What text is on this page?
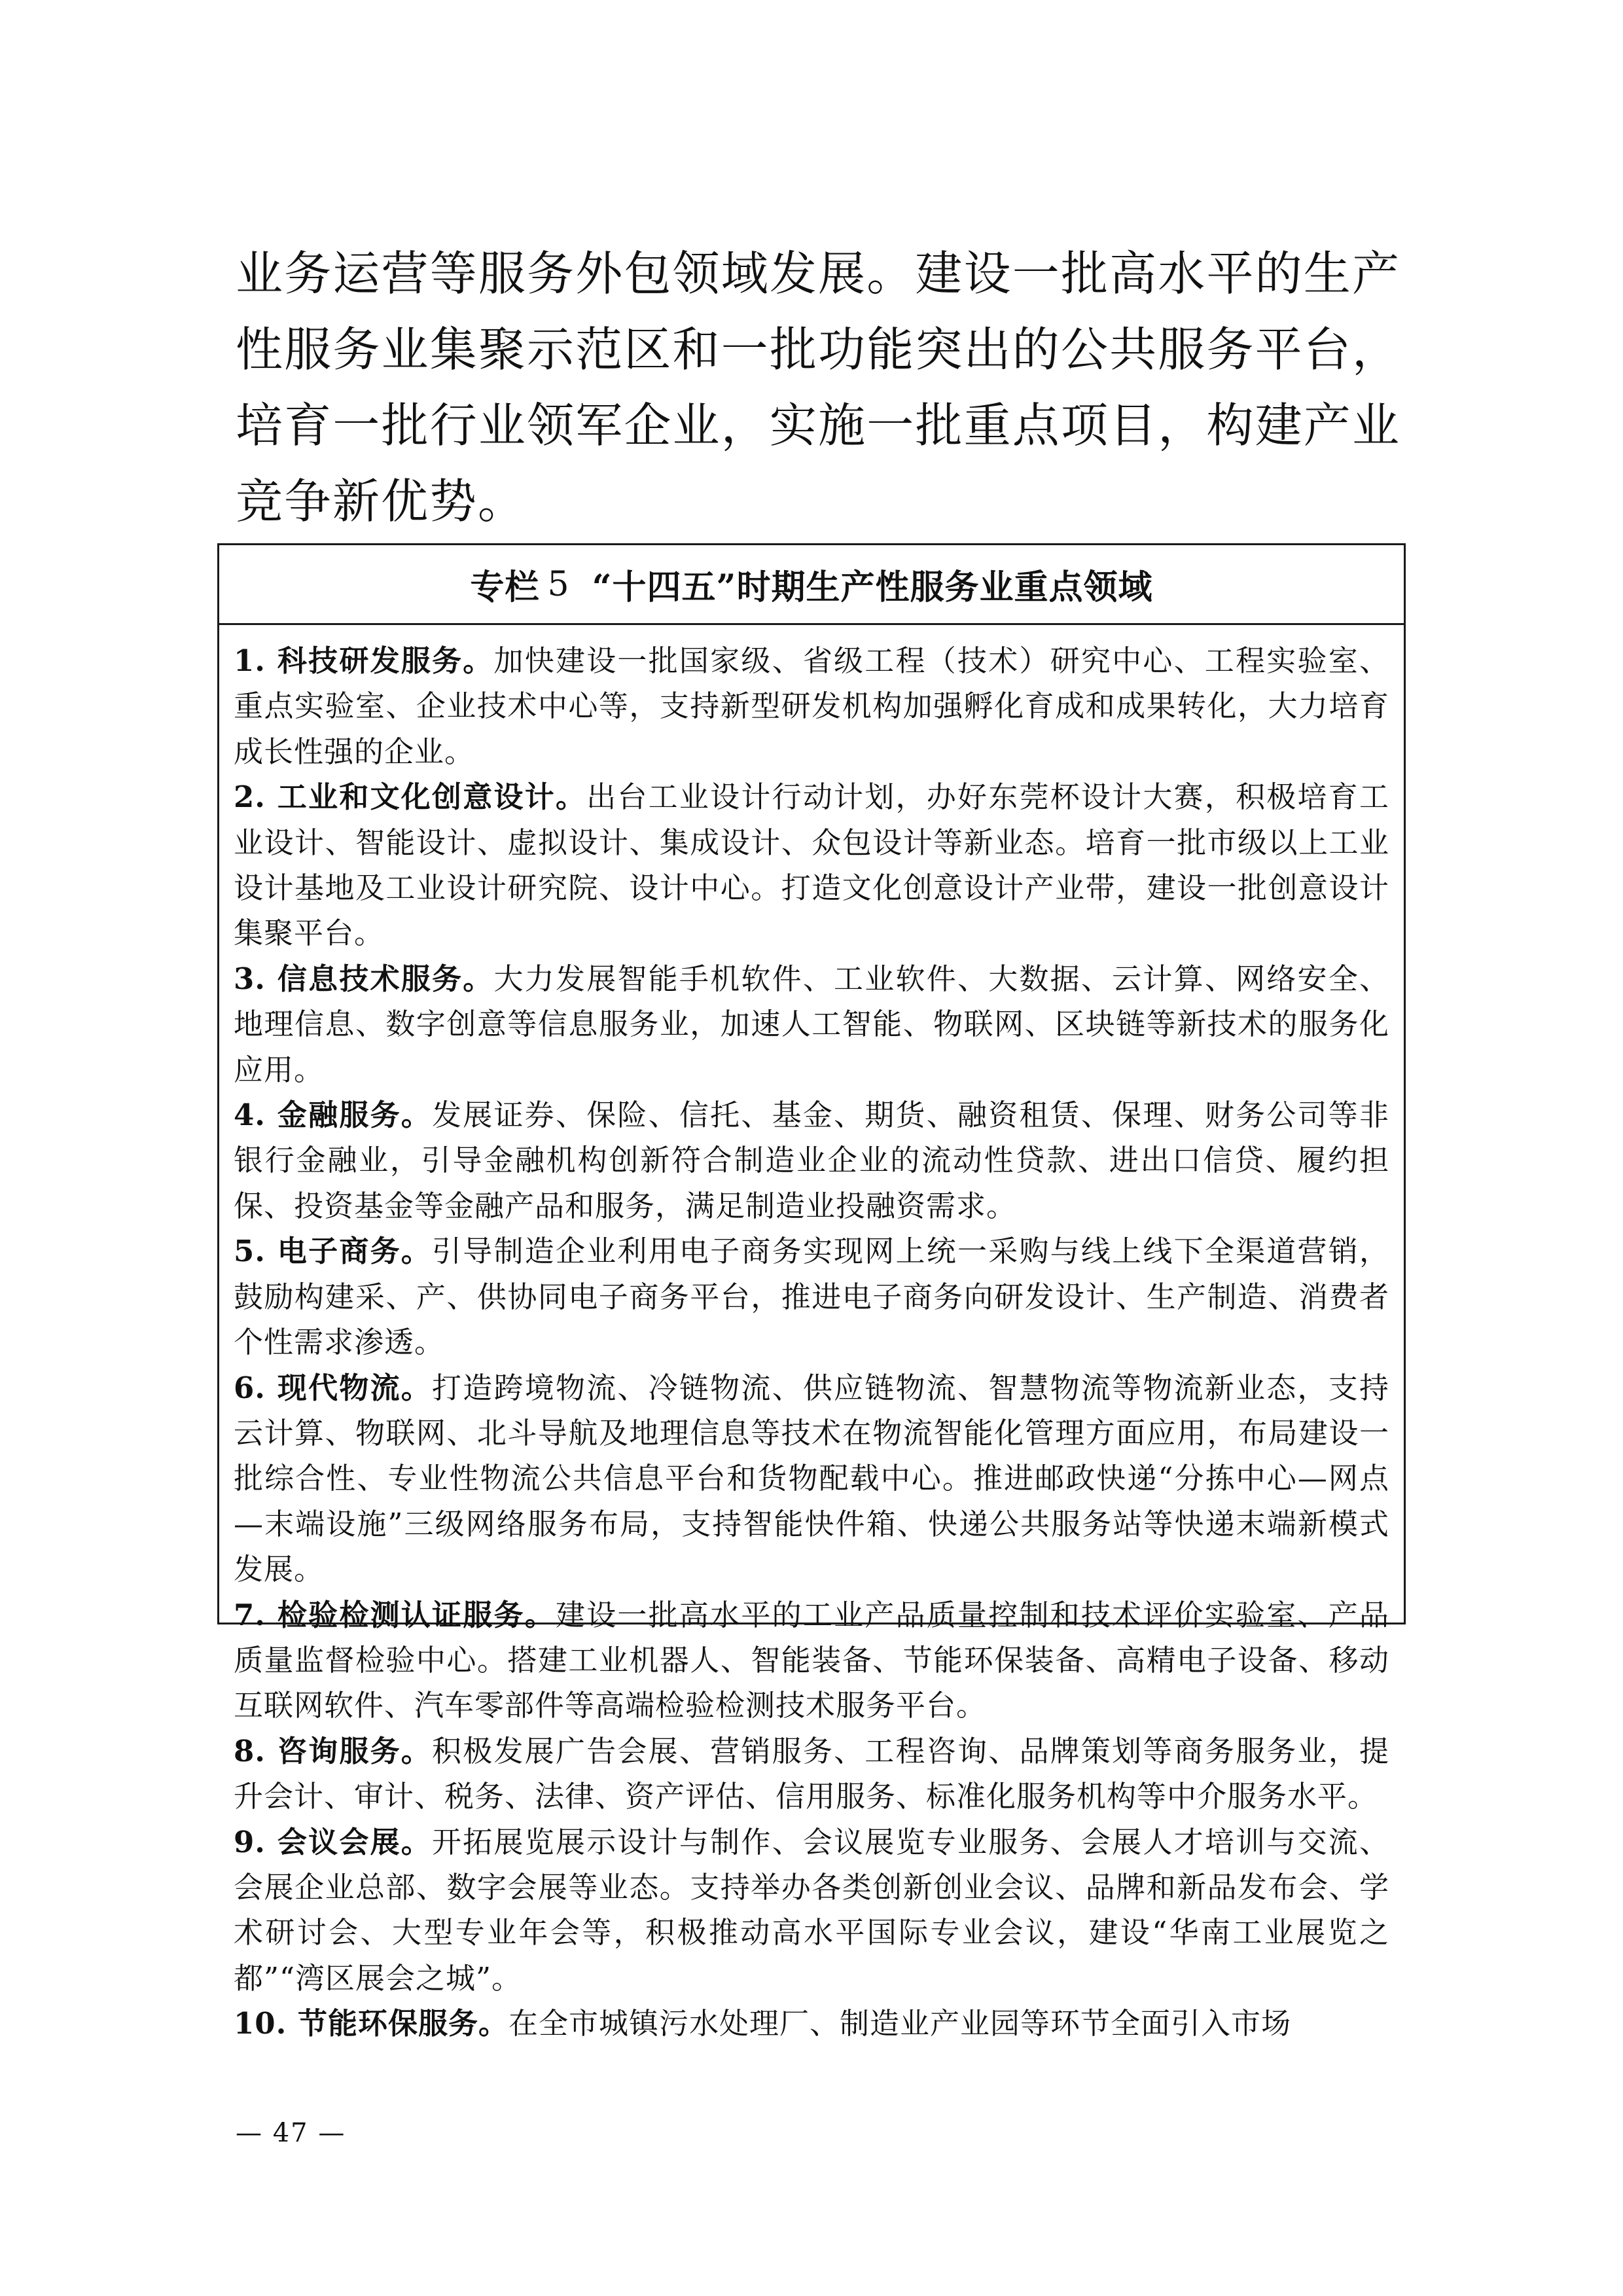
业务运营等服务外包领域发展。建设一批高水平的生产性服务业集聚示范区和一批功能突出的公共服务平台，培育一批行业领军企业，实施一批重点项目，构建产业竞争新优势。

专栏 5 “十四五”时期生产性服务业重点领域

1. 科技研发服务。加快建设一批国家级、省级工程（技术）研究中心、工程实验室、重点实验室、企业技术中心等，支持新型研发机构加强孵化育成和成果转化，大力培育成长性强的企业。

2. 工业和文化创意设计。出台工业设计行动计划，办好东莞杯设计大赛，积极培育工业设计、智能设计、虚拟设计、集成设计、众包设计等新业态。培育一批市级以上工业设计基地及工业设计研究院、设计中心。打造文化创意设计产业带，建设一批创意设计集聚平台。

3. 信息技术服务。大力发展智能手机软件、工业软件、大数据、云计算、网络安全、地理信息、数字创意等信息服务业，加速人工智能、物联网、区块链等新技术的服务化应用。

4. 金融服务。发展证券、保险、信托、基金、期货、融资租赁、保理、财务公司等非银行金融业，引导金融机构创新符合制造业企业的流动性贷款、进出口信贷、履约担保、投资基金等金融产品和服务，满足制造业投融资需求。

5. 电子商务。引导制造企业利用电子商务实现网上统一采购与线上线下全渠道营销，鼓励构建采、产、供协同电子商务平台，推进电子商务向研发设计、生产制造、消费者个性需求渗透。

6. 现代物流。打造跨境物流、冷链物流、供应链物流、智慧物流等物流新业态，支持云计算、物联网、北斗导航及地理信息等技术在物流智能化管理方面应用，布局建设一批综合性、专业性物流公共信息平台和货物配载中心。推进邮政快递“分拣中心—网点—末端设施”三级网络服务布局，支持智能快件箱、快递公共服务站等快递末端新模式发展。

7. 检验检测认证服务。建设一批高水平的工业产品质量控制和技术评价实验室、产品质量监督检验中心。搭建工业机器人、智能装备、节能环保装备、高精电子设备、移动互联网软件、汽车零部件等高端检验检测技术服务平台。

8. 咨询服务。积极发展广告会展、营销服务、工程咨询、品牌策划等商务服务业，提升会计、审计、税务、法律、资产评估、信用服务、标准化服务机构等中介服务水平。

9. 会议会展。开拓展览展示设计与制作、会议展览专业服务、会展人才培训与交流、会展企业总部、数字会展等业态。支持举办各类创新创业会议、品牌和新品发布会、学术研讨会、大型专业年会等，积极推动高水平国际专业会议，建设“华南工业展览之都”“湾区展会之城”。

10. 节能环保服务。在全市城镇污水处理厂、制造业产业园等环节全面引入市场

— 47 —
